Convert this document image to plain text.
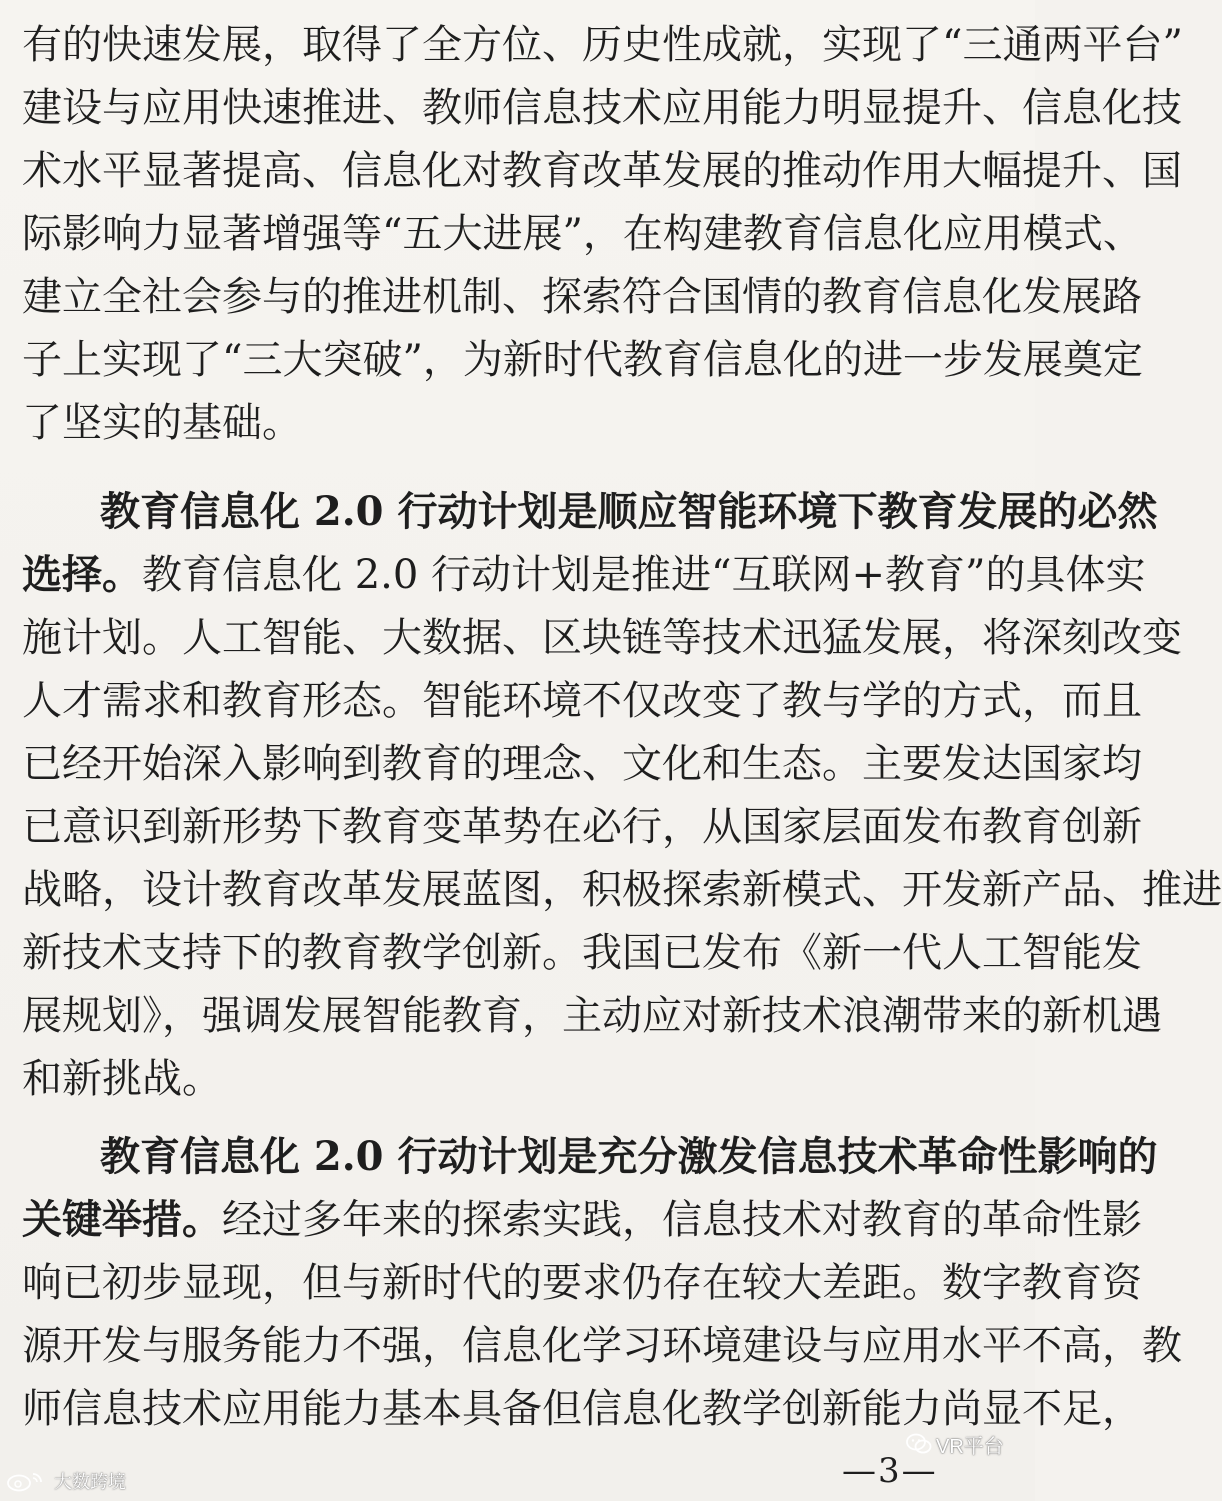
有的快速发展，取得了全方位、历史性成就，实现了“三通两平台”
建设与应用快速推进、教师信息技术应用能力明显提升、信息化技
术水平显著提高、信息化对教育改革发展的推动作用大幅提升、国
际影响力显著增强等“五大进展”，在构建教育信息化应用模式、
建立全社会参与的推进机制、探索符合国情的教育信息化发展路
子上实现了“三大突破”，为新时代教育信息化的进一步发展奠定
了坚实的基础。
教育信息化 2.0 行动计划是顺应智能环境下教育发展的必然
选择。教育信息化 2.0 行动计划是推进“互联网+教育”的具体实
施计划。人工智能、大数据、区块链等技术迅猛发展，将深刻改变
人才需求和教育形态。智能环境不仅改变了教与学的方式，而且
已经开始深入影响到教育的理念、文化和生态。主要发达国家均
已意识到新形势下教育变革势在必行，从国家层面发布教育创新
战略，设计教育改革发展蓝图，积极探索新模式、开发新产品、推进
新技术支持下的教育教学创新。我国已发布《新一代人工智能发
展规划》，强调发展智能教育，主动应对新技术浪潮带来的新机遇
和新挑战。
教育信息化 2.0 行动计划是充分激发信息技术革命性影响的
关键举措。经过多年来的探索实践，信息技术对教育的革命性影
响已初步显现，但与新时代的要求仍存在较大差距。数字教育资
源开发与服务能力不强，信息化学习环境建设与应用水平不高，教
师信息技术应用能力基本具备但信息化教学创新能力尚显不足，
—3—
VR平台
大数跨境
